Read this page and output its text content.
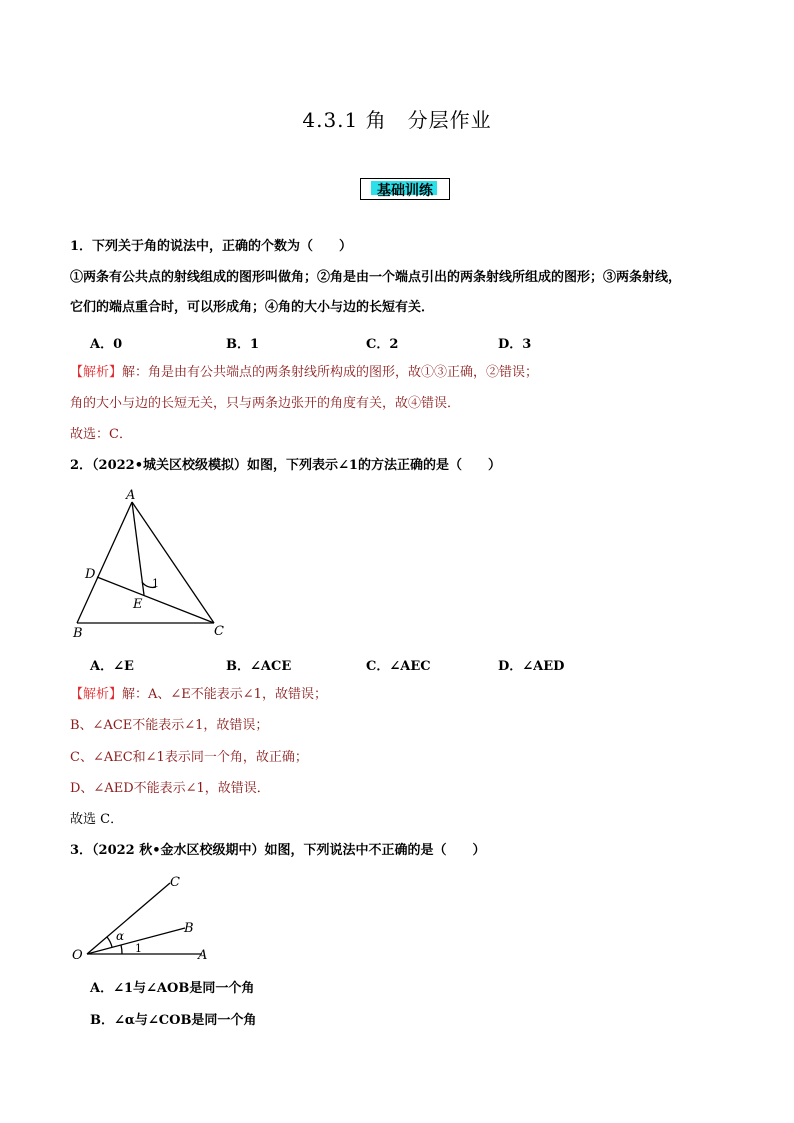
4.3.1 角　分层作业
基础训练
1．下列关于角的说法中，正确的个数为（　　）
①两条有公共点的射线组成的图形叫做角；②角是由一个端点引出的两条射线所组成的图形；③两条射线，
它们的端点重合时，可以形成角；④角的大小与边的长短有关．
A．0	B．1	C．2	D．3
【解析】解：角是由有公共端点的两条射线所构成的图形，故①③正确，②错误；
角的大小与边的长短无关，只与两条边张开的角度有关，故④错误．
故选：C．
2．（2022•城关区校级模拟）如图，下列表示∠1的方法正确的是（　　）
A
B	C
D
E
1
A．∠E	B．∠ACE	C．∠AEC	D．∠AED
【解析】解：A、∠E不能表示∠1，故错误；
B、∠ACE不能表示∠1，故错误；
C、∠AEC和∠1表示同一个角，故正确；
D、∠AED不能表示∠1，故错误．
故选 C．
3．（2022 秋•金水区校级期中）如图，下列说法中不正确的是（　　）
O	A
B
C
α
1
A．∠1与∠AOB是同一个角
B．∠α与∠COB是同一个角
